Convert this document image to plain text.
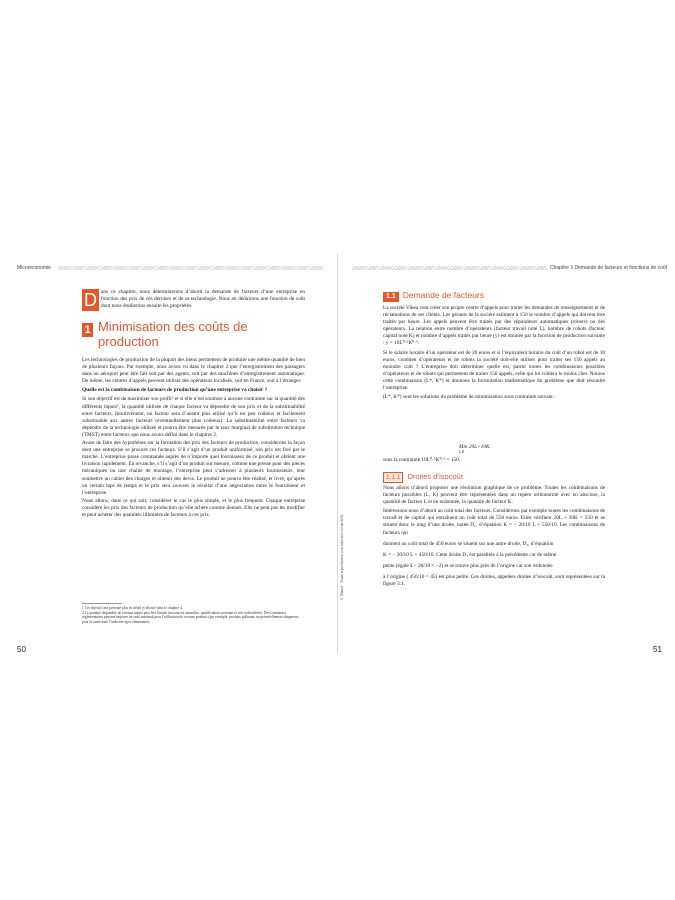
Microéconomie
D ans ce chapitre, nous déterminerons d’abord la demande de facteurs d’une entreprise en fonction des prix de ces derniers et de sa technologie. Nous en déduirons une fonction de coût dont nous étudierons ensuite les propriétés.

1 Minimisation des coûts de production

Les technologies de production de la plupart des biens permettent de produire une même quantité de bien de plusieurs façons. Par exemple, nous avons vu dans le chapitre 2 que l’enregistrement des passagers dans un aéroport peut être fait soit par des agents, soit par des machines d’enregistrement automatique. De même, les centres d’appels peuvent utiliser des opérateurs localisés, soit en France, soit à l’étranger.

Quelle est la combinaison de facteurs de production qu’une entreprise va choisir ?

Si son objectif est de maximiser son profit¹ et si elle n’est soumise à aucune contrainte sur la quantité des différents inputs², la quantité utilisée de chaque facteur va dépendre de son prix et de la substituabilité entre facteurs. Intuitivement, un facteur sera d’autant plus utilisé qu’il est peu coûteux et facilement substituable aux autres facteurs (éventuellement plus coûteux). La substituabilité entre facteurs va dépendre de la technologie utilisée et pourra être mesurée par le taux marginal de substitution technique (TMST) entre facteurs que nous avons défini dans le chapitre 2.

Avant de faire des hypothèses sur la formation des prix des facteurs de production, considérons la façon dont une entreprise se procure ces facteurs. S’il s’agit d’un produit uniformisé, son prix est fixé par le marché. L’entreprise passe commande auprès de n’importe quel fournisseur de ce produit et obtient une livraison rapidement. En revanche, s’il s’agit d’un produit sur mesure, comme une presse pour des pièces mécaniques ou une chaîne de montage, l’entreprise peut s’adresser à plusieurs fournisseurs, leur soumettre un cahier des charges et obtenir des devis. Le produit ne pourra être réalisé, et livré, qu’après un certain laps de temps et le prix sera souvent le résultat d’une négociation entre le fournisseur et l’entreprise.

Nous allons, dans ce qui suit, considérer le cas le plus simple, et le plus fréquent. Chaque entreprise considère les prix des facteurs de production qu’elle achète comme donnés. Elle ne peut pas les modifier et peut acheter des quantités illimitées de facteurs à ces prix.

1 Cet objectif sera présenté plus en détail et discuté dans le chapitre 4.
2 La quantité disponible de certains inputs peut être limitée (ressources naturelles, qualifications pointues et très recherchées). Des contraintes réglementaires peuvent imposer un seuil maximal pour l’utilisation de certains produits (par exemple, produits polluants ou potentiellement dangereux pour la santé dans l’industrie agro-alimentaire).
50
Chapitre 3 Demande de facteurs et fonctions de coût
1.1 Demande de facteurs

La société Vikea veut créer son propre centre d’appels pour traiter les demandes de renseignements et de réclamations de ses clients. Les gérants de la société estiment à 150 le nombre d’appels qui doivent être traités par heure. Les appels peuvent être traités par des répondeurs automatiques (robots) ou des opérateurs. La relation entre nombre d’opérateurs (facteur travail noté L), nombre de robots (facteur capital noté K) et nombre d’appels traités par heure (y) est donnée par la fonction de production suivante : y = 10L⁰·⁵K⁰·⁵.

Si le salaire horaire d’un opérateur est de 20 euros et si l’équivalent horaire du coût d’un robot est de 10 euros, combien d’opérateurs et de robots la société doit-elle utiliser pour traiter ses 150 appels au moindre coût ? L’entreprise doit déterminer quelle est, parmi toutes les combinaisons possibles d’opérateurs et de robots qui permettent de traiter 150 appels, celle qui lui coûtera le moins cher. Notons cette combinaison (L*, K*) et donnons la formulation mathématique du problème que doit résoudre l’entreprise.

(L*, K*) sont les solutions du problème de minimisation sous contrainte suivant :

Min 20L+10K
L,K

sous la contrainte 10L⁰·⁵K⁰·⁵ = 150.

1.1.1 Droites d’isocoût

Nous allons d’abord proposer une résolution graphique de ce problème. Toutes les combinaisons de facteurs possibles (L, K) peuvent être représentées dans un repère orthonormé avec en abscisse, la quantité de facteur L et en ordonnée, la quantité de facteur K.

Intéressons-nous d’abord au coût total des facteurs. Considérons par exemple toutes les combinaisons de travail et de capital qui entraînent un coût total de 550 euros. Elles vérifient 20L + 10K = 550 et se situent donc le long d’une droite, notée D₁, d’équation K = − 20/10 L + 550/10. Les combinaisons de facteurs qui

donnent un coût total de 450 euros se situent sur une autre droite, D₂, d’équation

K = − 20/10 L + 450/10. Cette droite D₂ est parallèle à la précédente car de même

pente (égale à − 20/10 = −2) et se trouve plus près de l’origine car son ordonnée

à l’origine ( 450/10 = 45) est plus petite. Ces droites, appelées droites d’isocoût, sont représentées sur la figure 3.1.

51
© Dunod - Toute reproduction non autorisée est un délit.
